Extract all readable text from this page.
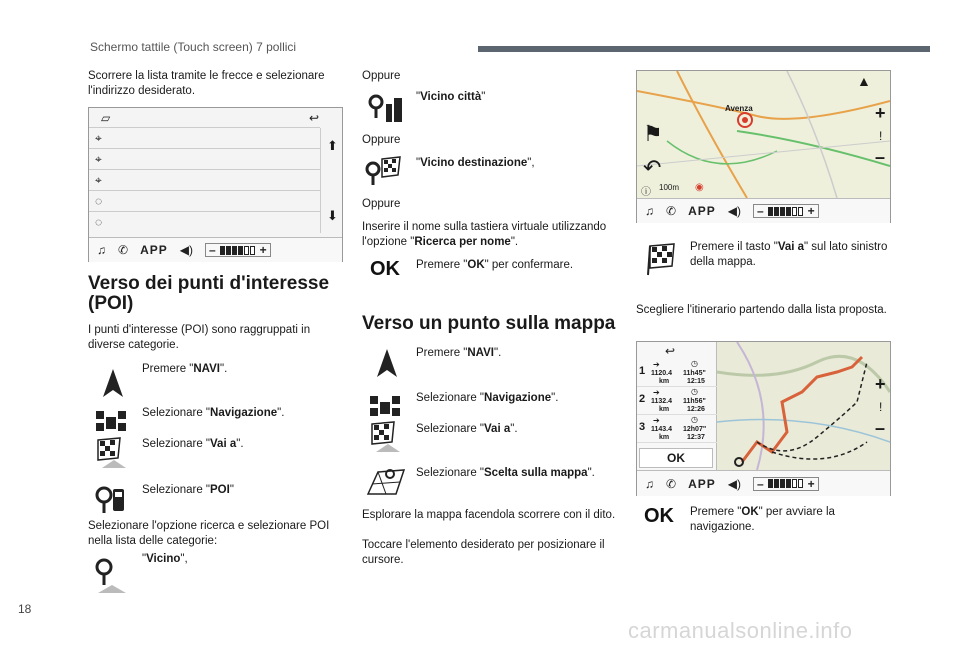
Schermo tattile (Touch screen) 7 pollici

Scorrere la lista tramite le frecce e selezionare l'indirizzo desiderato.

▱	↩
⌖
⌖
⌖
◌
◌
⬆
⬇
♫ ✆ APP ◀) –	+
Verso dei punti d'interesse (POI)

I punti d'interesse (POI) sono raggruppati in diverse categorie.

Premere "NAVI".

Selezionare "Navigazione".

Selezionare "Vai a".

Selezionare "POI"

Selezionare l'opzione ricerca e selezionare POI nella lista delle categorie:

"Vicino",

Oppure

"Vicino città"

Oppure

"Vicino destinazione",

Oppure

Inserire il nome sulla tastiera virtuale utilizzando l'opzione "Ricerca per nome".

OK Premere "OK" per confermare.

Verso un punto sulla mappa

Premere "NAVI".

Selezionare "Navigazione".

Selezionare "Vai a".

Selezionare "Scelta sulla mappa".

Esplorare la mappa facendola scorrere con il dito.

Toccare l'elemento desiderato per posizionare il cursore.

Avenza
⚑
↶
▲
+
!
–
ⓘ 100m ◉
♫ ✆ APP ◀) –	+

Premere il tasto "Vai a" sul lato sinistro della mappa.

Scegliere l'itinerario partendo dalla lista proposta.

↩
1
➔
1120.4
km
◷
11h45"
12:15
2
➔
1132.4
km
◷
11h56"
12:26
3
➔
1143.4
km
◷
12h07"
12:37
OK
+
!
–
♫ ✆ APP ◀) –	+
OK Premere "OK" per avviare la navigazione.

18
carmanualsonline.info
